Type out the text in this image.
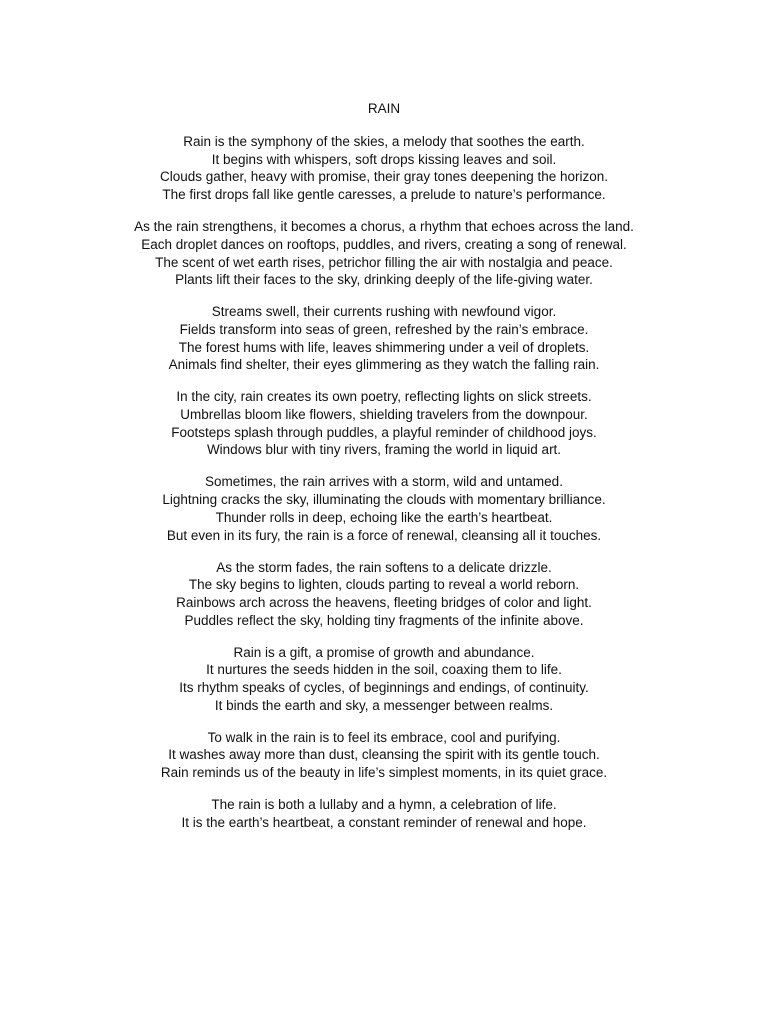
RAIN
Rain is the symphony of the skies, a melody that soothes the earth.
It begins with whispers, soft drops kissing leaves and soil.
Clouds gather, heavy with promise, their gray tones deepening the horizon.
The first drops fall like gentle caresses, a prelude to nature’s performance.
As the rain strengthens, it becomes a chorus, a rhythm that echoes across the land.
Each droplet dances on rooftops, puddles, and rivers, creating a song of renewal.
The scent of wet earth rises, petrichor filling the air with nostalgia and peace.
Plants lift their faces to the sky, drinking deeply of the life-giving water.
Streams swell, their currents rushing with newfound vigor.
Fields transform into seas of green, refreshed by the rain’s embrace.
The forest hums with life, leaves shimmering under a veil of droplets.
Animals find shelter, their eyes glimmering as they watch the falling rain.
In the city, rain creates its own poetry, reflecting lights on slick streets.
Umbrellas bloom like flowers, shielding travelers from the downpour.
Footsteps splash through puddles, a playful reminder of childhood joys.
Windows blur with tiny rivers, framing the world in liquid art.
Sometimes, the rain arrives with a storm, wild and untamed.
Lightning cracks the sky, illuminating the clouds with momentary brilliance.
Thunder rolls in deep, echoing like the earth’s heartbeat.
But even in its fury, the rain is a force of renewal, cleansing all it touches.
As the storm fades, the rain softens to a delicate drizzle.
The sky begins to lighten, clouds parting to reveal a world reborn.
Rainbows arch across the heavens, fleeting bridges of color and light.
Puddles reflect the sky, holding tiny fragments of the infinite above.
Rain is a gift, a promise of growth and abundance.
It nurtures the seeds hidden in the soil, coaxing them to life.
Its rhythm speaks of cycles, of beginnings and endings, of continuity.
It binds the earth and sky, a messenger between realms.
To walk in the rain is to feel its embrace, cool and purifying.
It washes away more than dust, cleansing the spirit with its gentle touch.
Rain reminds us of the beauty in life’s simplest moments, in its quiet grace.
The rain is both a lullaby and a hymn, a celebration of life.
It is the earth’s heartbeat, a constant reminder of renewal and hope.
